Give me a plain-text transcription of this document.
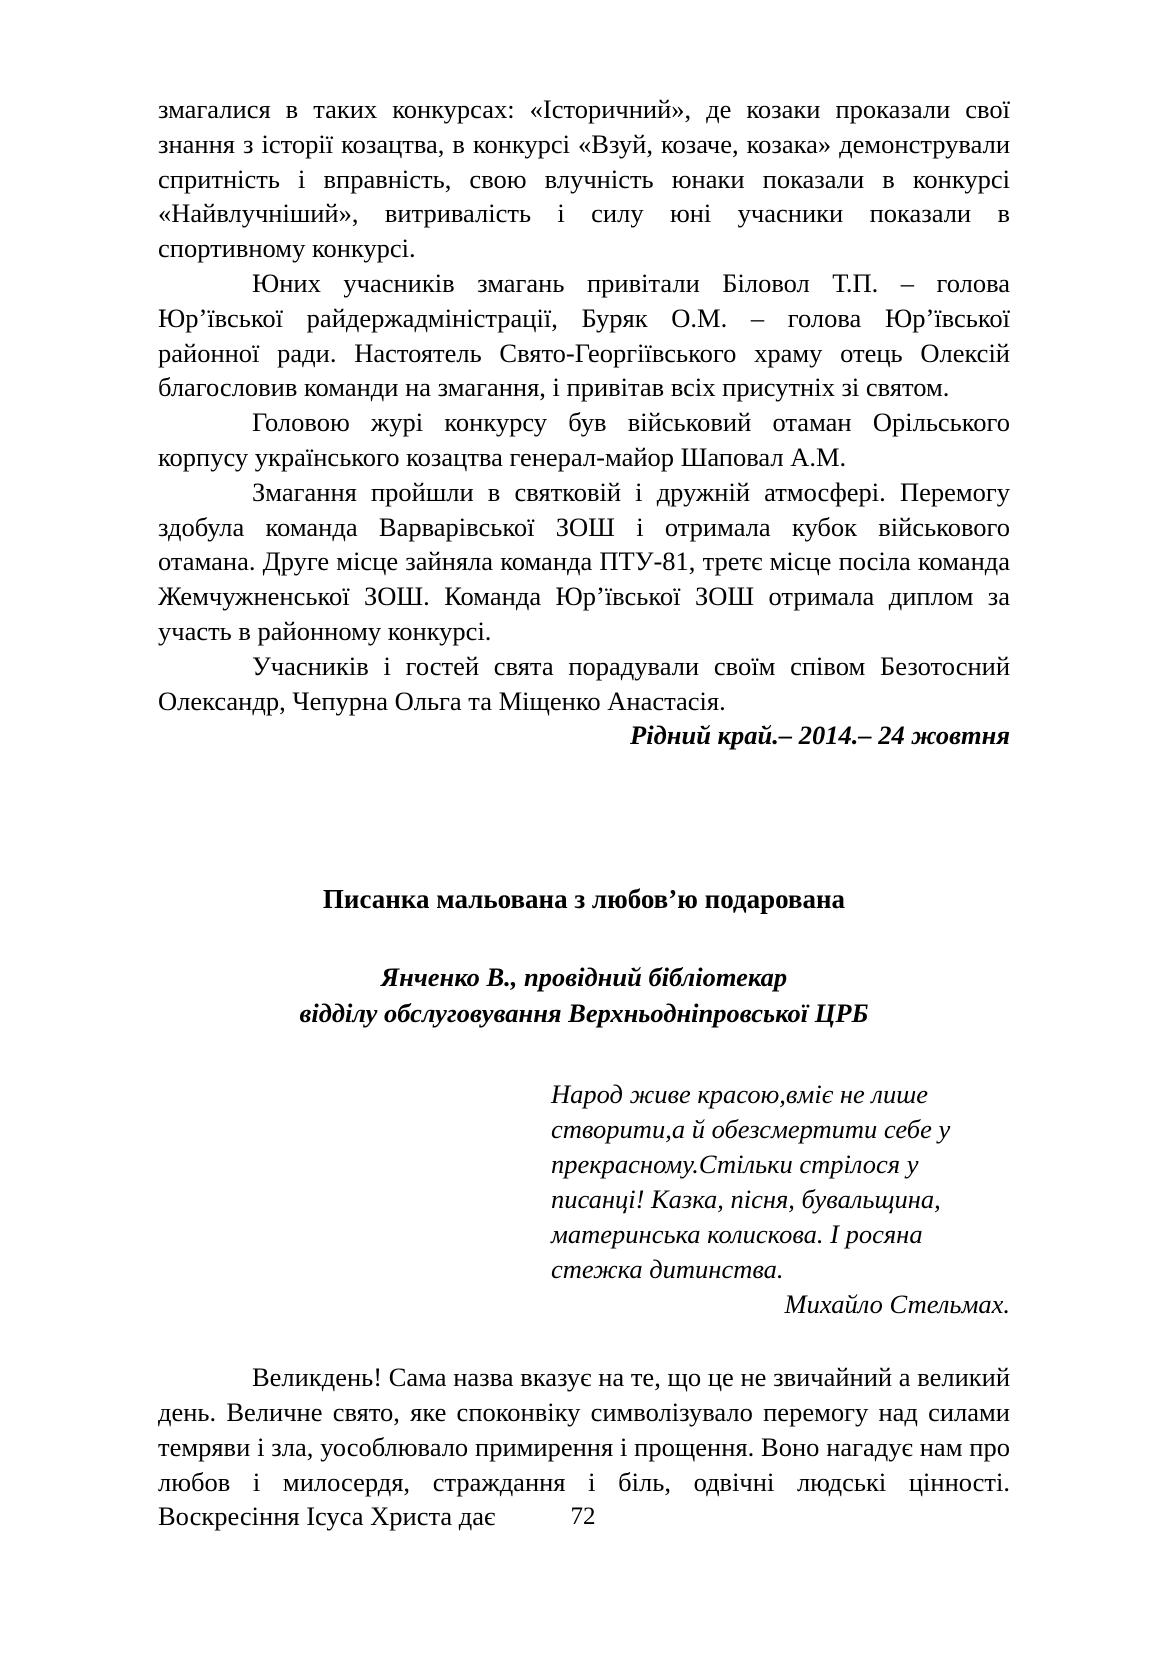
змагалися в таких конкурсах: «Історичний», де козаки проказали свої знання з історії козацтва, в конкурсі «Взуй, козаче, козака» демонстрували спритність і вправність, свою влучність юнаки показали в конкурсі «Найвлучніший», витривалість і силу юні учасники показали в спортивному конкурсі.

Юних учасників змагань привітали Біловол Т.П. – голова Юр’ївської райдержадміністрації, Буряк О.М. – голова Юр’ївської районної ради. Настоятель Свято-Георгіївського храму отець Олексій благословив команди на змагання, і привітав всіх присутніх зі святом.

Головою журі конкурсу був військовий отаман Орільського корпусу українського козацтва генерал-майор Шаповал А.М.

Змагання пройшли в святковій і дружній атмосфері. Перемогу здобула команда Варварівської ЗОШ і отримала кубок військового отамана. Друге місце зайняла команда ПТУ-81, третє місце посіла команда Жемчужненської ЗОШ. Команда Юр’ївської ЗОШ отримала диплом за участь в районному конкурсі.

Учасників і гостей свята порадували своїм співом Безотосний Олександр, Чепурна Ольга та Міщенко Анастасія.

Рідний край.– 2014.– 24 жовтня

Писанка мальована з любов’ю подарована
Янченко В., провідний бібліотекар
відділу обслуговування Верхньодніпровської ЦРБ

Народ живе красою,вміє не лише створити,а й обезсмертити себе у прекрасному.Стільки стрілося у писанці! Казка, пісня, бувальщина, материнська колискова. І росяна стежка дитинства.

Михайло Стельмах.

Великдень! Сама назва вказує на те, що це не звичайний а великий день. Величне свято, яке споконвіку символізувало перемогу над силами темряви і зла, уособлювало примирення і прощення. Воно нагадує нам про любов і милосердя, страждання і біль, одвічні людські цінності. Воскресіння Ісуса Христа дає	72
